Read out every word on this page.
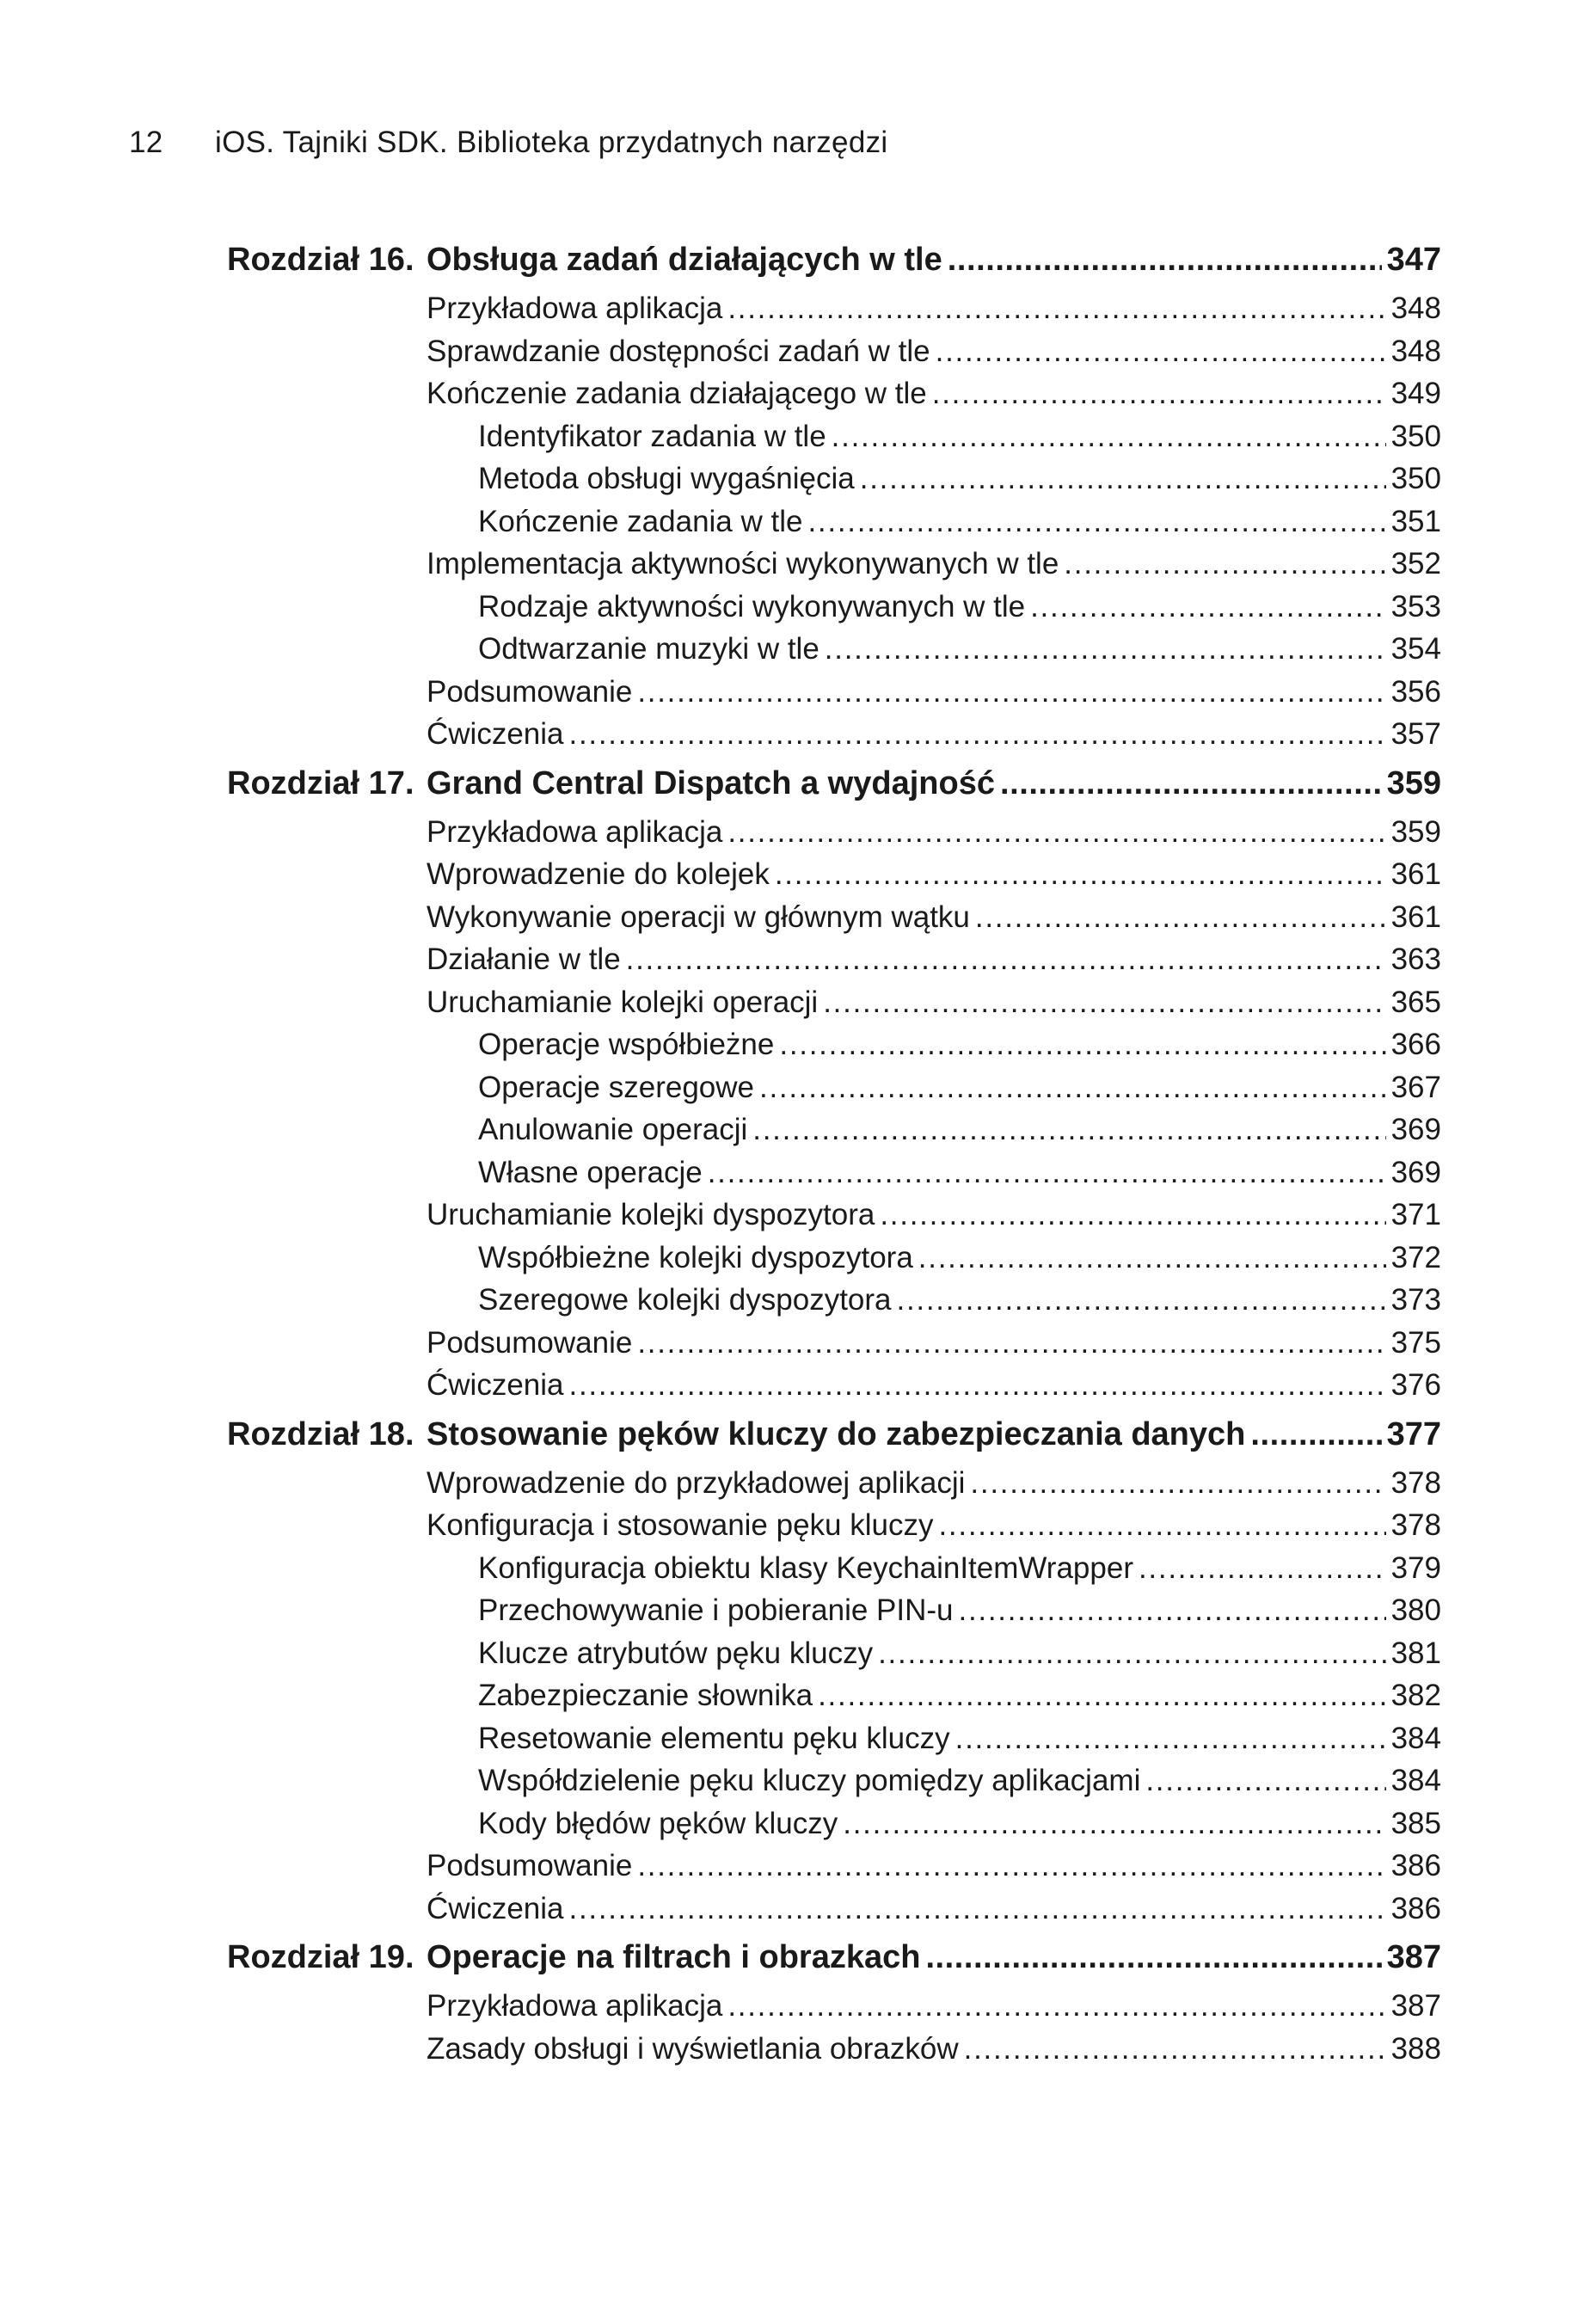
12 iOS. Tajniki SDK. Biblioteka przydatnych narzędzi
Rozdział 16. Obsługa zadań działających w tle . . .	347
Przykładowa aplikacja . . .	348
Sprawdzanie dostępności zadań w tle . . .	348
Kończenie zadania działającego w tle . . .	349
Identyfikator zadania w tle . . .	350
Metoda obsługi wygaśnięcia . . .	350
Kończenie zadania w tle . . .	351
Implementacja aktywności wykonywanych w tle . . .	352
Rodzaje aktywności wykonywanych w tle . . .	353
Odtwarzanie muzyki w tle . . .	354
Podsumowanie . . .	356
Ćwiczenia . . .	357
Rozdział 17. Grand Central Dispatch a wydajność . . .	359
Przykładowa aplikacja . . .	359
Wprowadzenie do kolejek . . .	361
Wykonywanie operacji w głównym wątku . . .	361
Działanie w tle . . .	363
Uruchamianie kolejki operacji . . .	365
Operacje współbieżne . . .	366
Operacje szeregowe . . .	367
Anulowanie operacji . . .	369
Własne operacje . . .	369
Uruchamianie kolejki dyspozytora . . .	371
Współbieżne kolejki dyspozytora . . .	372
Szeregowe kolejki dyspozytora . . .	373
Podsumowanie . . .	375
Ćwiczenia . . .	376
Rozdział 18. Stosowanie pęków kluczy do zabezpieczania danych . . .	377
Wprowadzenie do przykładowej aplikacji . . .	378
Konfiguracja i stosowanie pęku kluczy . . .	378
Konfiguracja obiektu klasy KeychainItemWrapper . . .	379
Przechowywanie i pobieranie PIN-u . . .	380
Klucze atrybutów pęku kluczy . . .	381
Zabezpieczanie słownika . . .	382
Resetowanie elementu pęku kluczy . . .	384
Współdzielenie pęku kluczy pomiędzy aplikacjami . . .	384
Kody błędów pęków kluczy . . .	385
Podsumowanie . . .	386
Ćwiczenia . . .	386
Rozdział 19. Operacje na filtrach i obrazkach . . .	387
Przykładowa aplikacja . . .	387
Zasady obsługi i wyświetlania obrazków . . .	388
